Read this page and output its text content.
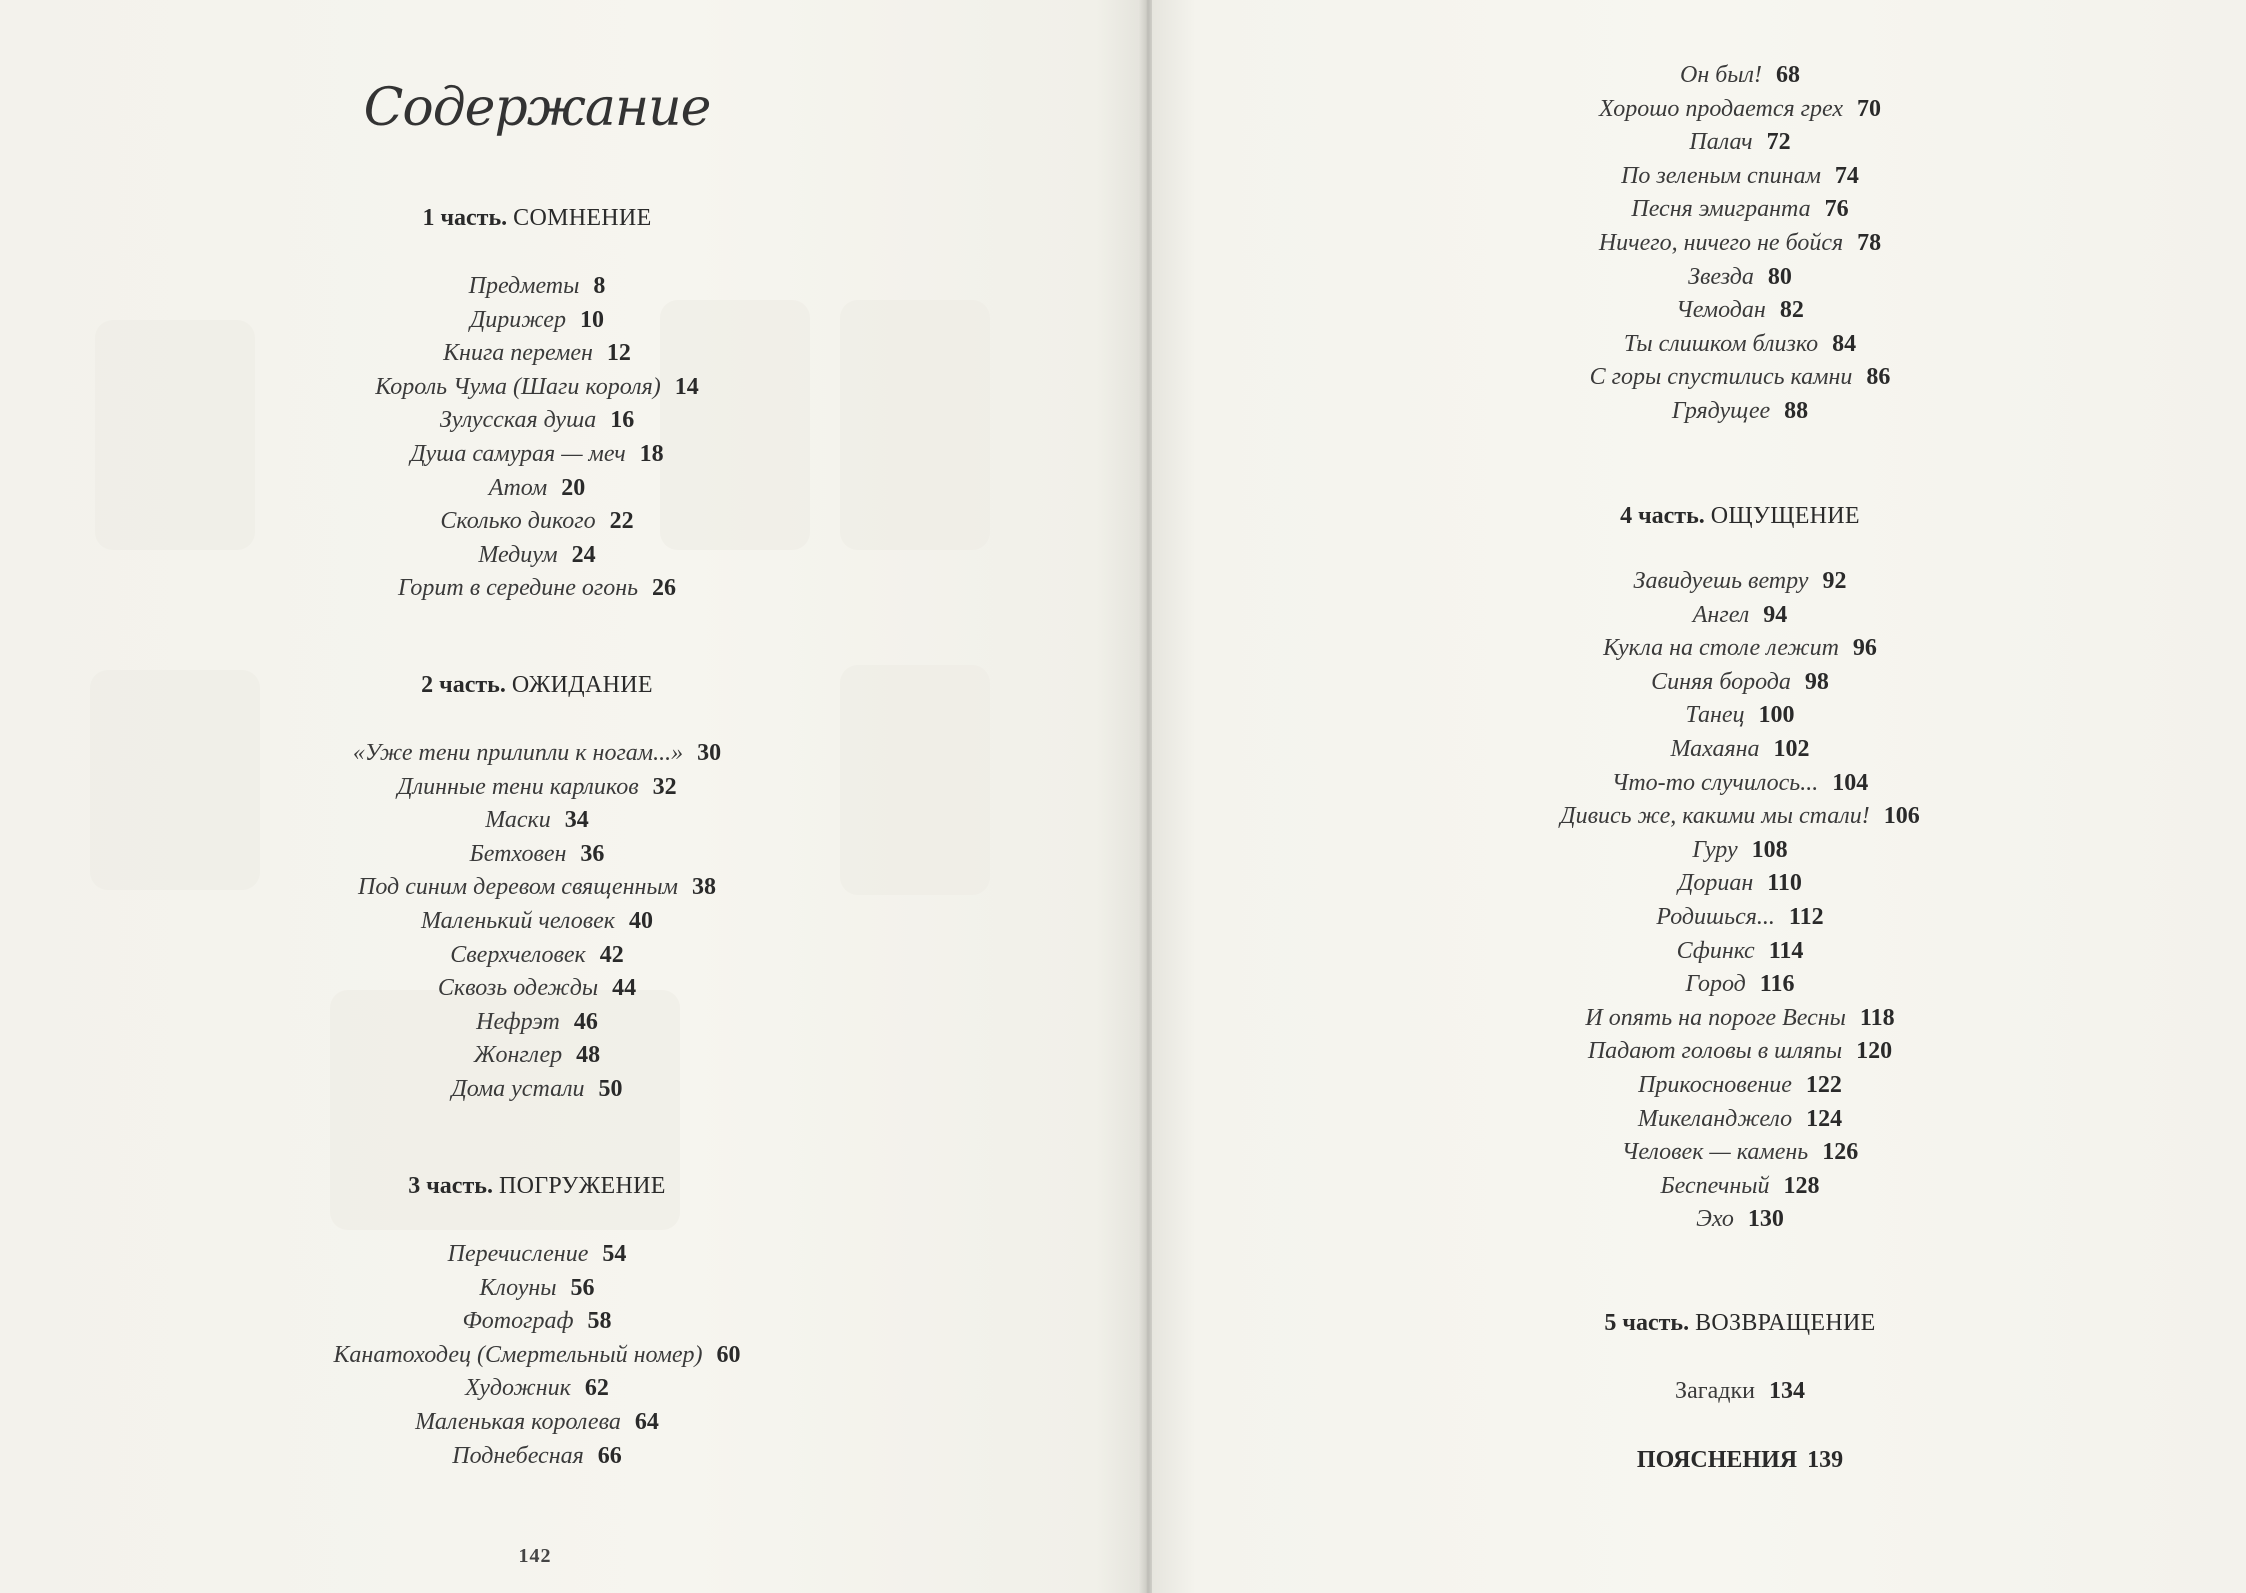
Содержание
1 часть. СОМНЕНИЕ
Предметы 8
Дирижер 10
Книга перемен 12
Король Чума (Шаги короля) 14
Зулусская душа 16
Душа самурая — меч 18
Атом 20
Сколько дикого 22
Медиум 24
Горит в середине огонь 26
2 часть. ОЖИДАНИЕ
«Уже тени прилипли к ногам...» 30
Длинные тени карликов 32
Маски 34
Бетховен 36
Под синим деревом священным 38
Маленький человек 40
Сверхчеловек 42
Сквозь одежды 44
Нефрэт 46
Жонглер 48
Дома устали 50
3 часть. ПОГРУЖЕНИЕ
Перечисление 54
Клоуны 56
Фотограф 58
Канатоходец (Смертельный номер) 60
Художник 62
Маленькая королева 64
Поднебесная 66
142
Он был! 68
Хорошо продается грех 70
Палач 72
По зеленым спинам 74
Песня эмигранта 76
Ничего, ничего не бойся 78
Звезда 80
Чемодан 82
Ты слишком близко 84
С горы спустились камни 86
Грядущее 88
4 часть. ОЩУЩЕНИЕ
Завидуешь ветру 92
Ангел 94
Кукла на столе лежит 96
Синяя борода 98
Танец 100
Махаяна 102
Что-то случилось... 104
Дивись же, какими мы стали! 106
Гуру 108
Дориан 110
Родишься... 112
Сфинкс 114
Город 116
И опять на пороге Весны 118
Падают головы в шляпы 120
Прикосновение 122
Микеланджело 124
Человек — камень 126
Беспечный 128
Эхо 130
5 часть. ВОЗВРАЩЕНИЕ
Загадки 134
ПОЯСНЕНИЯ 139
